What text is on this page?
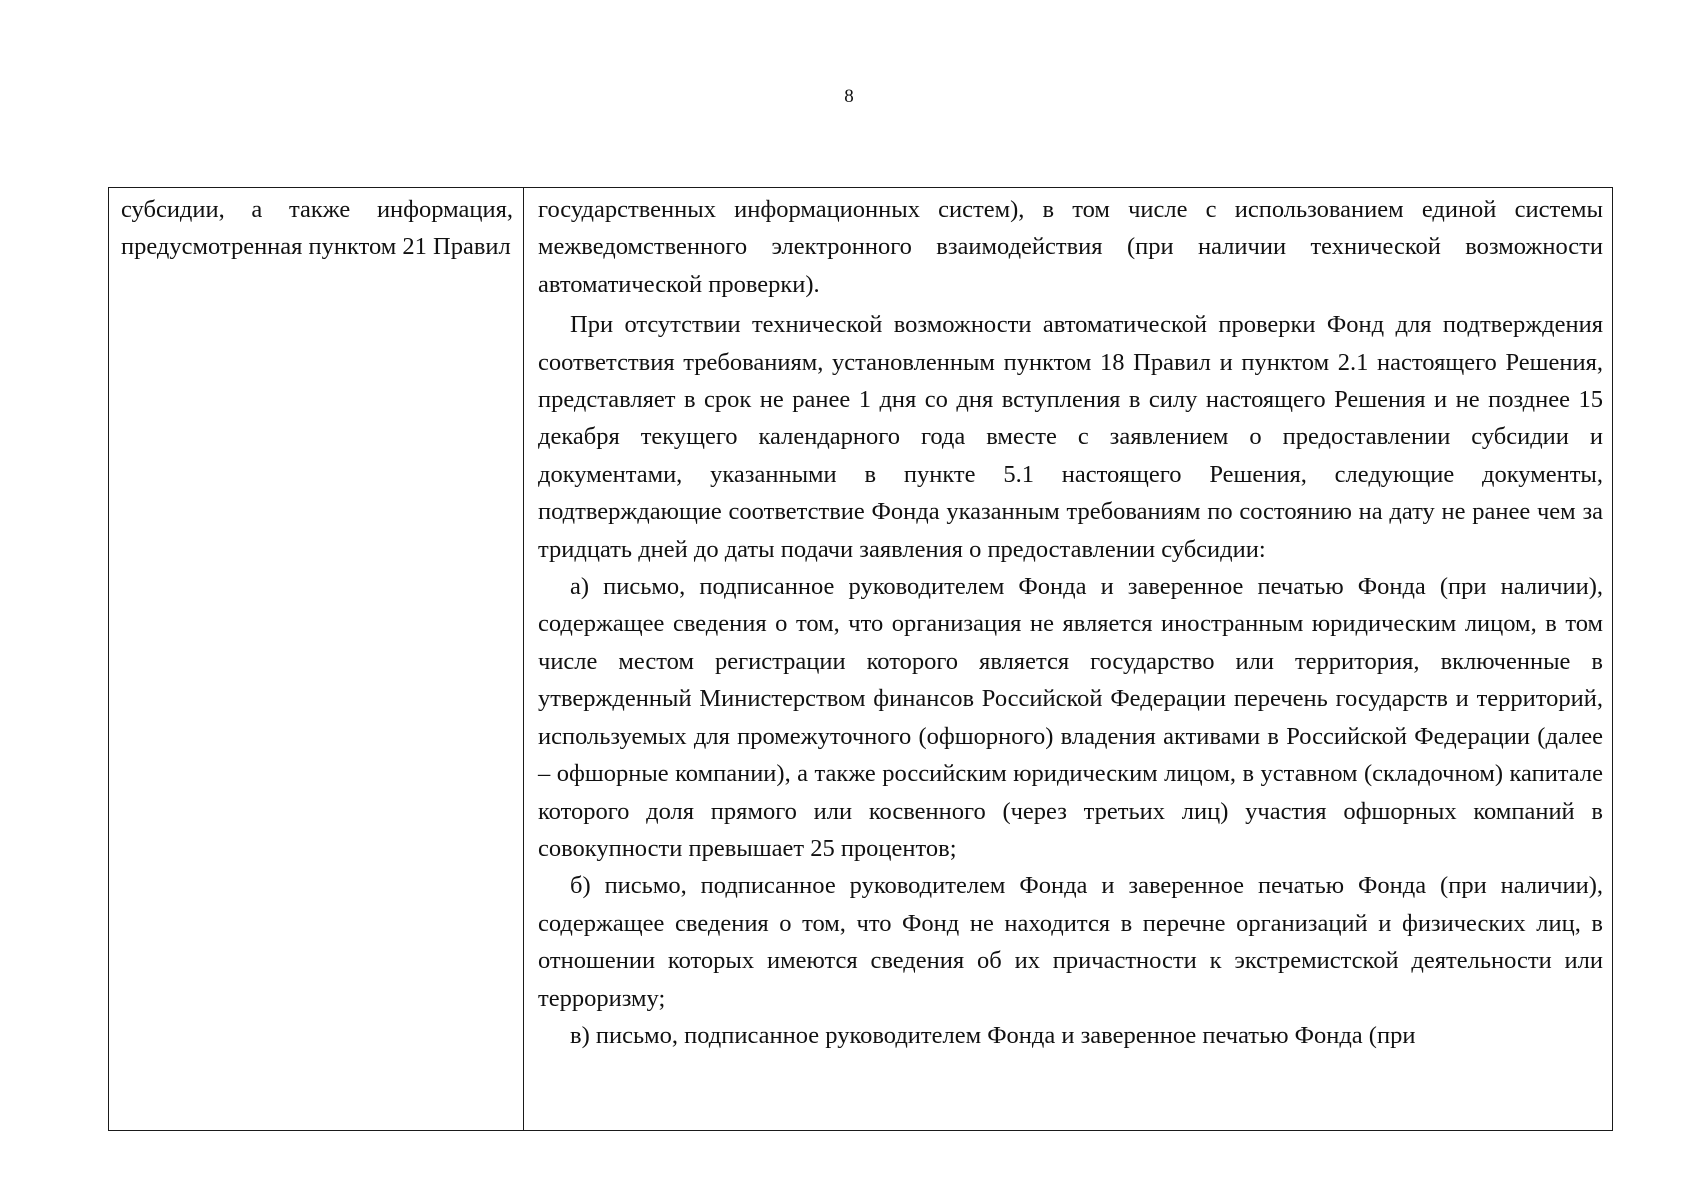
8

субсидии, а также информация, предусмотренная пунктом 21 Правил

государственных информационных систем), в том числе с использованием единой системы межведомственного электронного взаимодействия (при наличии технической возможности автоматической проверки).

При отсутствии технической возможности автоматической проверки Фонд для подтверждения соответствия требованиям, установленным пунктом 18 Правил и пунктом 2.1 настоящего Решения, представляет в срок не ранее 1 дня со дня вступления в силу настоящего Решения и не позднее 15 декабря текущего календарного года вместе с заявлением о предоставлении субсидии и документами, указанными в пункте 5.1 настоящего Решения, следующие документы, подтверждающие соответствие Фонда указанным требованиям по состоянию на дату не ранее чем за тридцать дней до даты подачи заявления о предоставлении субсидии:

а) письмо, подписанное руководителем Фонда и заверенное печатью Фонда (при наличии), содержащее сведения о том, что организация не является иностранным юридическим лицом, в том числе местом регистрации которого является государство или территория, включенные в утвержденный Министерством финансов Российской Федерации перечень государств и территорий, используемых для промежуточного (офшорного) владения активами в Российской Федерации (далее – офшорные компании), а также российским юридическим лицом, в уставном (складочном) капитале которого доля прямого или косвенного (через третьих лиц) участия офшорных компаний в совокупности превышает 25 процентов;

б) письмо, подписанное руководителем Фонда и заверенное печатью Фонда (при наличии), содержащее сведения о том, что Фонд не находится в перечне организаций и физических лиц, в отношении которых имеются сведения об их причастности к экстремистской деятельности или терроризму;

в) письмо, подписанное руководителем Фонда и заверенное печатью Фонда (при
